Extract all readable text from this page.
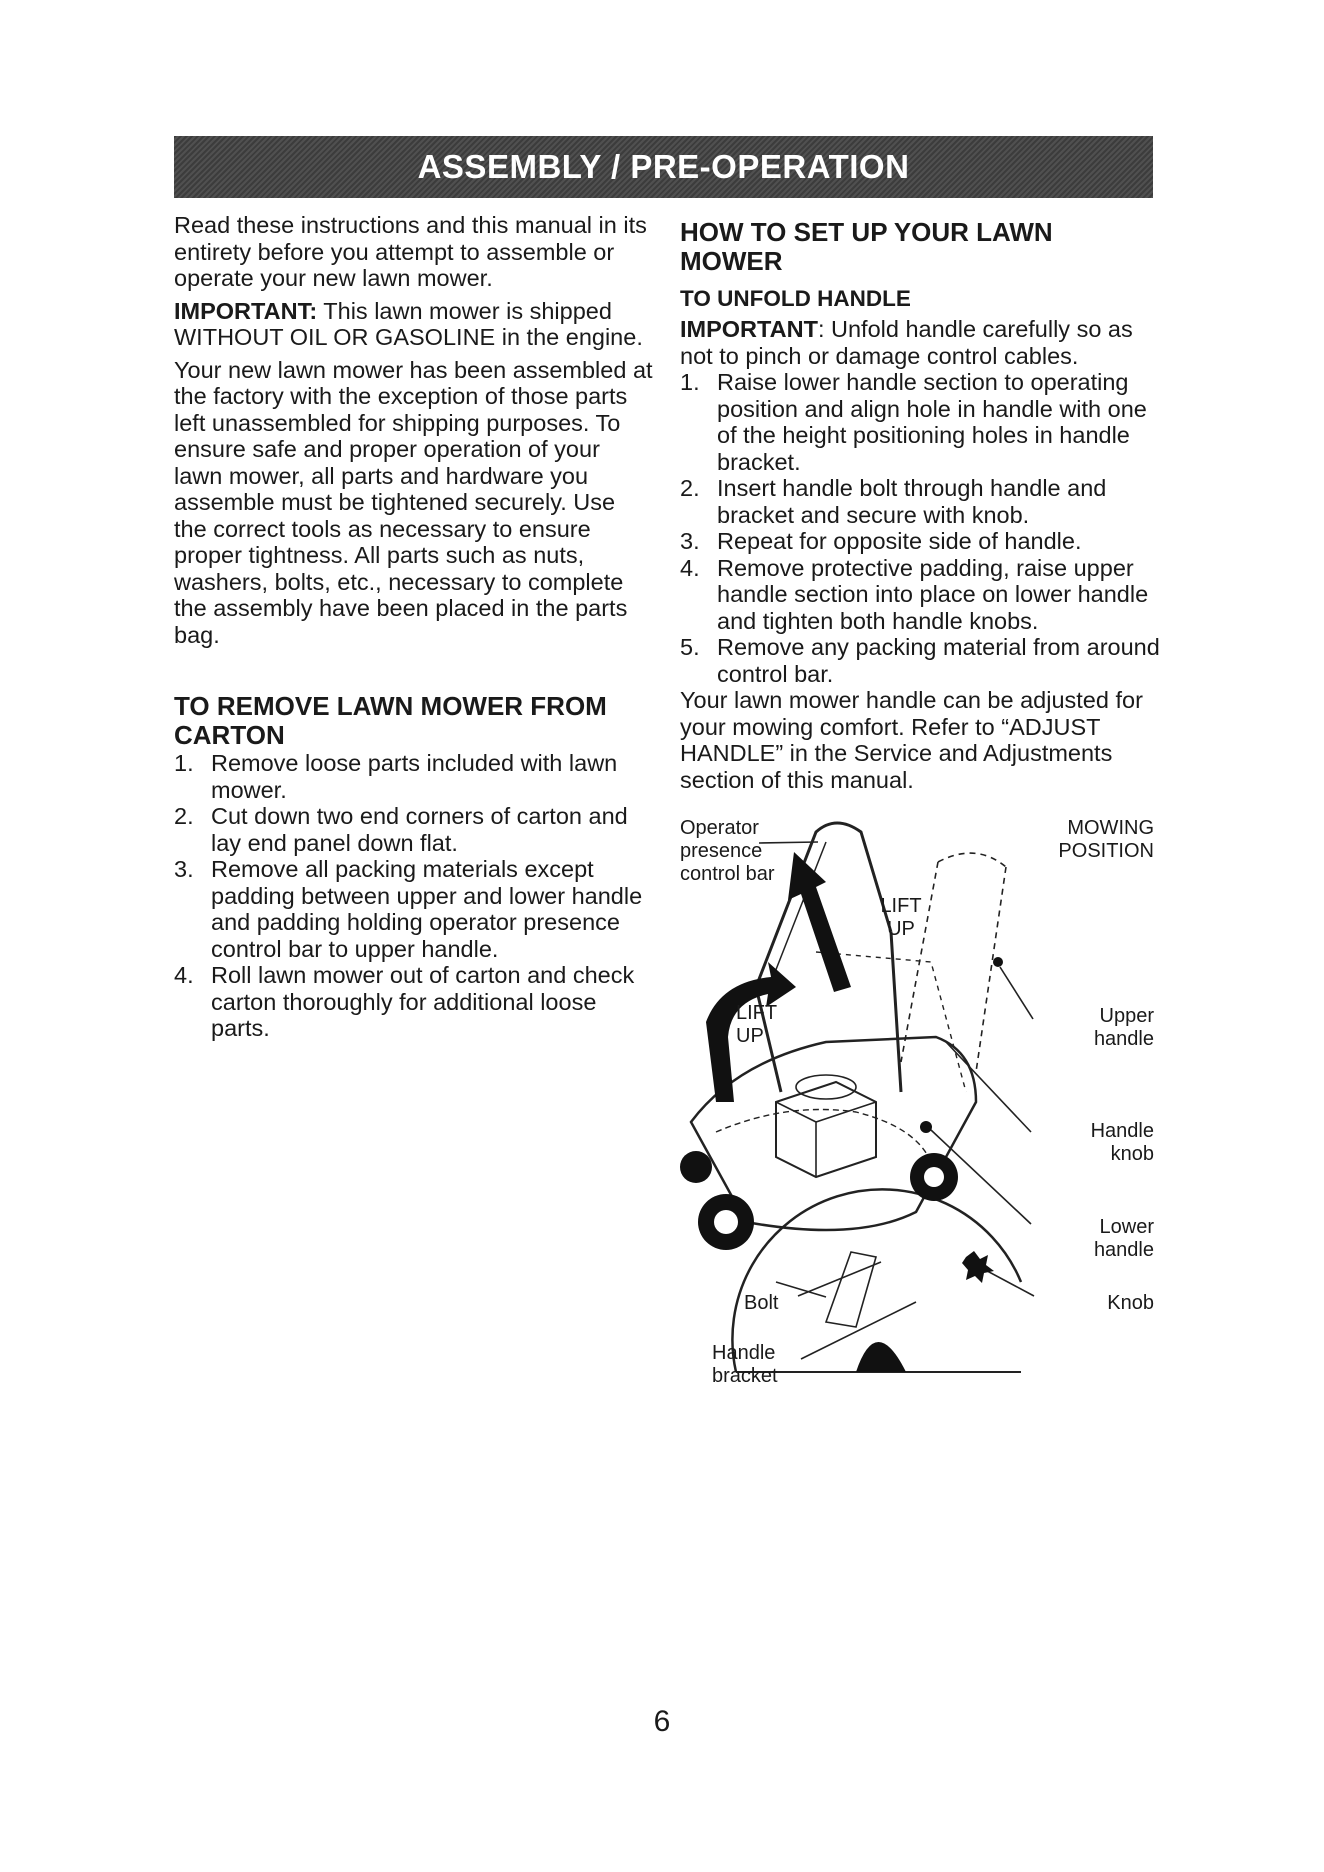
ASSEMBLY / PRE-OPERATION

Read these instructions and this manual in its entirety before you attempt to assemble or operate your new lawn mower.

IMPORTANT: This lawn mower is shipped WITHOUT OIL OR GASOLINE in the engine.

Your new lawn mower has been assembled at the factory with the exception of those parts left unassembled for shipping purposes. To ensure safe and proper operation of your lawn mower, all parts and hardware you assemble must be tightened securely. Use the correct tools as necessary to ensure proper tightness. All parts such as nuts, washers, bolts, etc., necessary to complete the assembly have been placed in the parts bag.

TO REMOVE LAWN MOWER FROM CARTON
1. Remove loose parts included with lawn mower.
2. Cut down two end corners of carton and lay end panel down flat.
3. Remove all packing materials except padding between upper and lower handle and padding holding operator presence control bar to upper handle.
4. Roll lawn mower out of carton and check carton thoroughly for additional loose parts.
HOW TO SET UP YOUR LAWN MOWER
TO UNFOLD HANDLE

IMPORTANT: Unfold handle carefully so as not to pinch or damage control cables.

1. Raise lower handle section to operating position and align hole in handle with one of the height positioning holes in handle bracket.
2. Insert handle bolt through handle and bracket and secure with knob.
3. Repeat for opposite side of handle.
4. Remove protective padding, raise upper handle section into place on lower handle and tighten both handle knobs.
5. Remove any packing material from around control bar.

Your lawn mower handle can be adjusted for your mowing comfort. Refer to “ADJUST HANDLE” in the Service and Adjustments section of this manual.

Operator presence control bar
MOWING POSITION
LIFT UP
LIFT UP
Upper handle
Handle knob
Lower handle
Bolt	Knob
Handle bracket
6
